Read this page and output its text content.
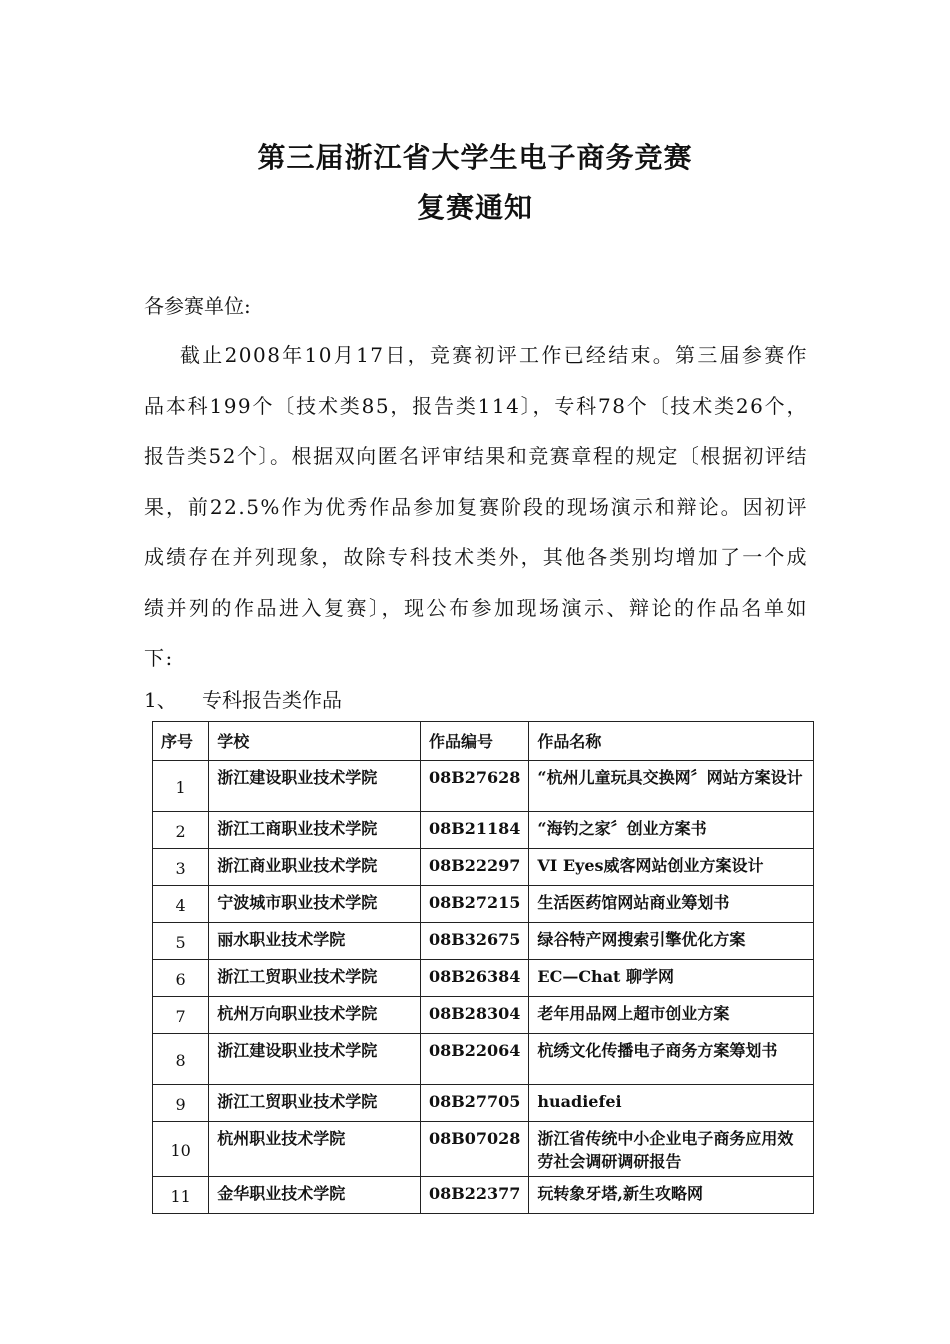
第三届浙江省大学生电子商务竞赛
复赛通知
各参赛单位:
截止2008年10月17日，竞赛初评工作已经结束。第三届参赛作品本科199个〔技术类85，报告类114〕，专科78个〔技术类26个，报告类52个〕。根据双向匿名评审结果和竞赛章程的规定〔根据初评结果，前22.5%作为优秀作品参加复赛阶段的现场演示和辩论。因初评成绩存在并列现象，故除专科技术类外，其他各类别均增加了一个成绩并列的作品进入复赛〕，现公布参加现场演示、辩论的作品名单如下:
1、 专科报告类作品
序号	学校	作品编号	作品名称
1	浙江建设职业技术学院	08B27628	“杭州儿童玩具交换网〞网站方案设计
2	浙江工商职业技术学院	08B21184	“海钓之家〞创业方案书
3	浙江商业职业技术学院	08B22297	VI Eyes威客网站创业方案设计
4	宁波城市职业技术学院	08B27215	生活医药馆网站商业筹划书
5	丽水职业技术学院	08B32675	绿谷特产网搜索引擎优化方案
6	浙江工贸职业技术学院	08B26384	EC—Chat 聊学网
7	杭州万向职业技术学院	08B28304	老年用品网上超市创业方案
8	浙江建设职业技术学院	08B22064	杭绣文化传播电子商务方案筹划书
9	浙江工贸职业技术学院	08B27705	huadiefei
10	杭州职业技术学院	08B07028	浙江省传统中小企业电子商务应用效劳社会调研调研报告
11	金华职业技术学院	08B22377	玩转象牙塔,新生攻略网
